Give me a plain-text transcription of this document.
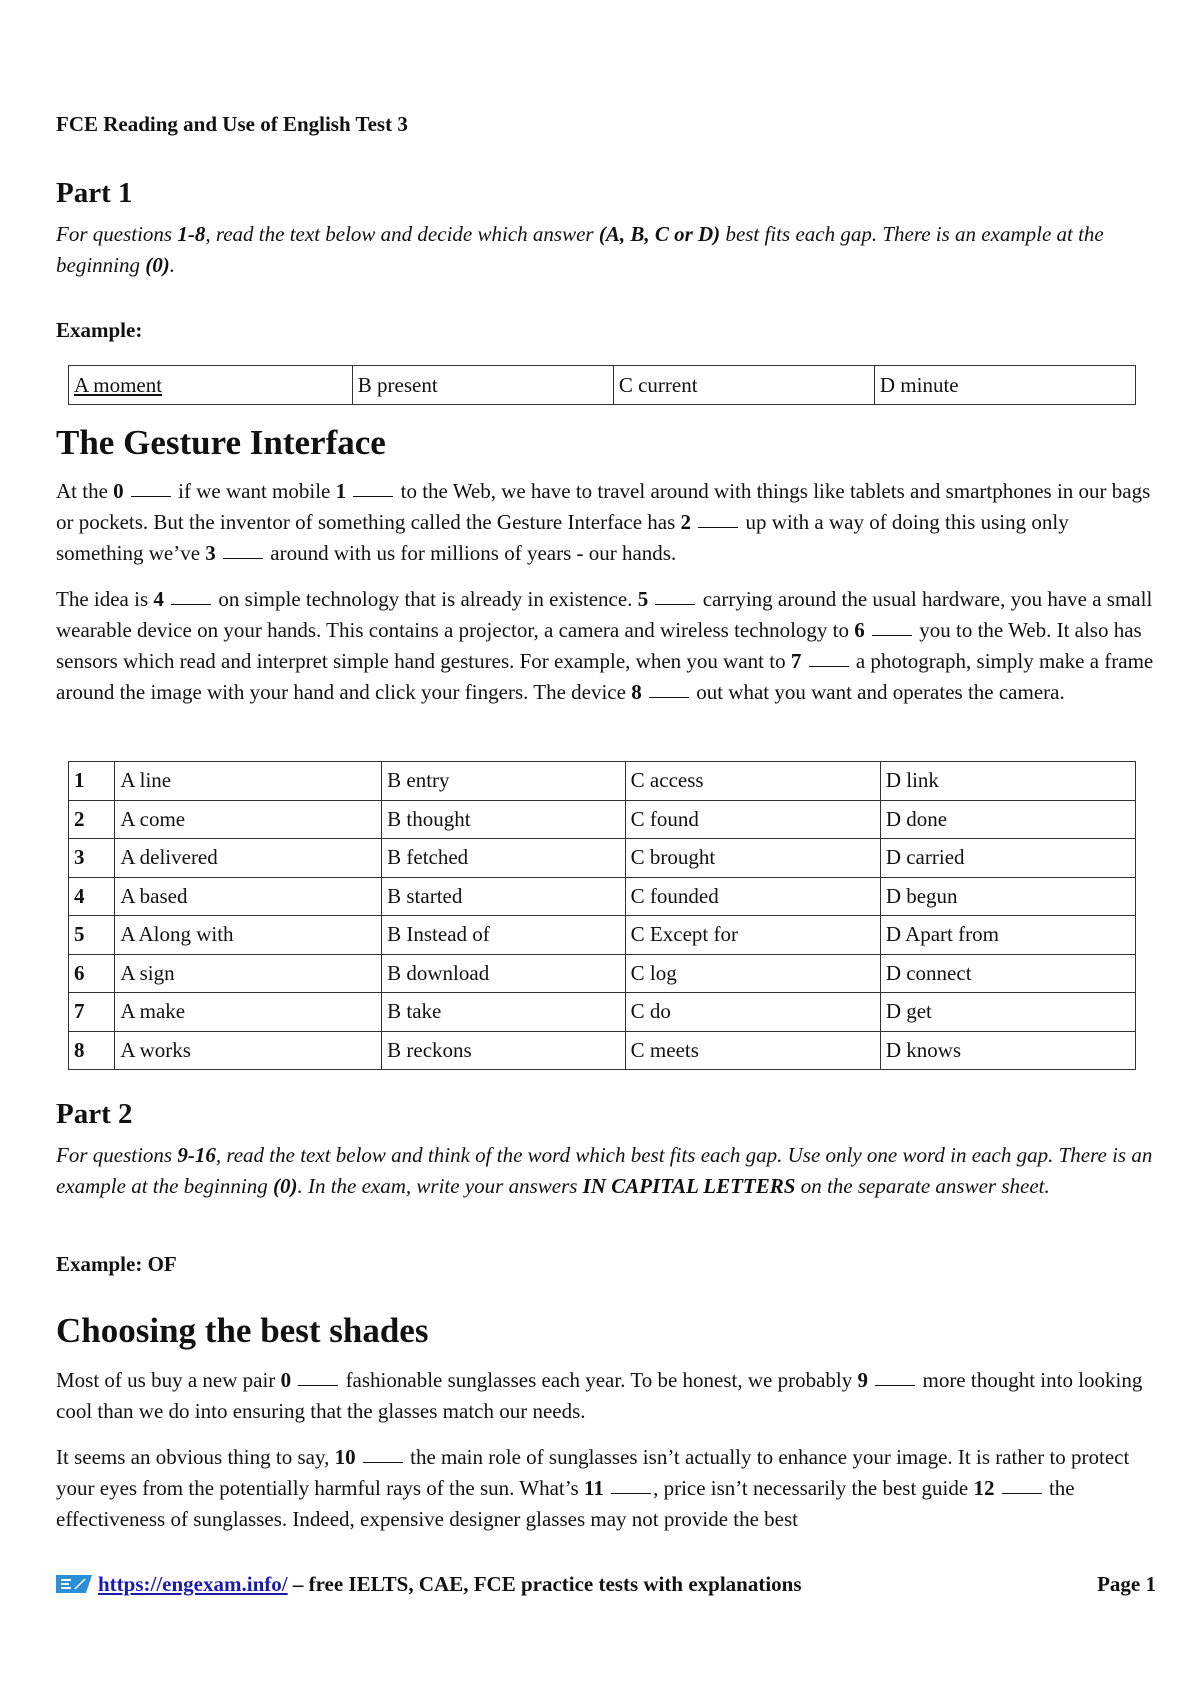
FCE Reading and Use of English Test 3
Part 1

For questions 1-8, read the text below and decide which answer (A, B, C or D) best fits each gap. There is an example at the beginning (0).

Example:
A moment	B present	C current	D minute
The Gesture Interface

At the 0  if we want mobile 1  to the Web, we have to travel around with things like tablets and smartphones in our bags or pockets. But the inventor of something called the Gesture Interface has 2  up with a way of doing this using only something we’ve 3  around with us for millions of years - our hands.

The idea is 4  on simple technology that is already in existence. 5  carrying around the usual hardware, you have a small wearable device on your hands. This contains a projector, a camera and wireless technology to 6  you to the Web. It also has sensors which read and interpret simple hand gestures. For example, when you want to 7  a photograph, simply make a frame around the image with your hand and click your fingers. The device 8  out what you want and operates the camera.

1	A line	B entry	C access	D link
2	A come	B thought	C found	D done
3	A delivered	B fetched	C brought	D carried
4	A based	B started	C founded	D begun
5	A Along with	B Instead of	C Except for	D Apart from
6	A sign	B download	C log	D connect
7	A make	B take	C do	D get
8	A works	B reckons	C meets	D knows
Part 2

For questions 9-16, read the text below and think of the word which best fits each gap. Use only one word in each gap. There is an example at the beginning (0). In the exam, write your answers IN CAPITAL LETTERS on the separate answer sheet.

Example: OF
Choosing the best shades

Most of us buy a new pair 0  fashionable sunglasses each year. To be honest, we probably 9  more thought into looking cool than we do into ensuring that the glasses match our needs.

It seems an obvious thing to say, 10  the main role of sunglasses isn’t actually to enhance your image. It is rather to protect your eyes from the potentially harmful rays of the sun. What’s 11 , price isn’t necessarily the best guide 12  the effectiveness of sunglasses. Indeed, expensive designer glasses may not provide the best

https://engexam.info/ – free IELTS, CAE, FCE practice tests with explanations	Page 1
